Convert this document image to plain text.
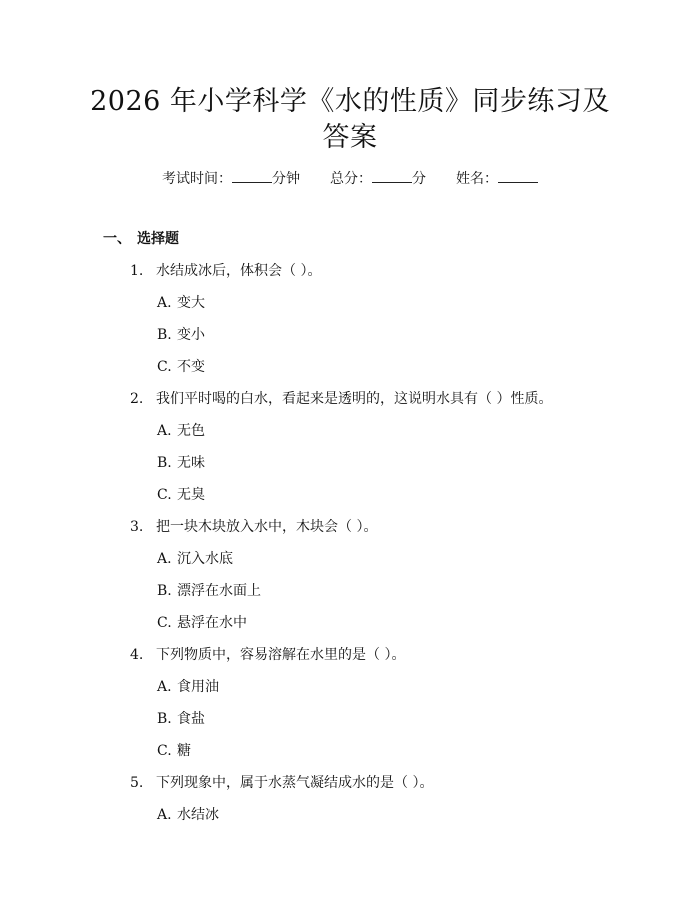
2026 年小学科学《水的性质》同步练习及答案
考试时间：	分钟 总分：	分 姓名：
一、 选择题
1. 水结成冰后，体积会（ ）。
A. 变大
B. 变小
C. 不变
2. 我们平时喝的白水，看起来是透明的，这说明水具有（ ）性质。
A. 无色
B. 无味
C. 无臭
3. 把一块木块放入水中，木块会（ ）。
A. 沉入水底
B. 漂浮在水面上
C. 悬浮在水中
4. 下列物质中，容易溶解在水里的是（ ）。
A. 食用油
B. 食盐
C. 糖
5. 下列现象中，属于水蒸气凝结成水的是（ ）。
A. 水结冰
